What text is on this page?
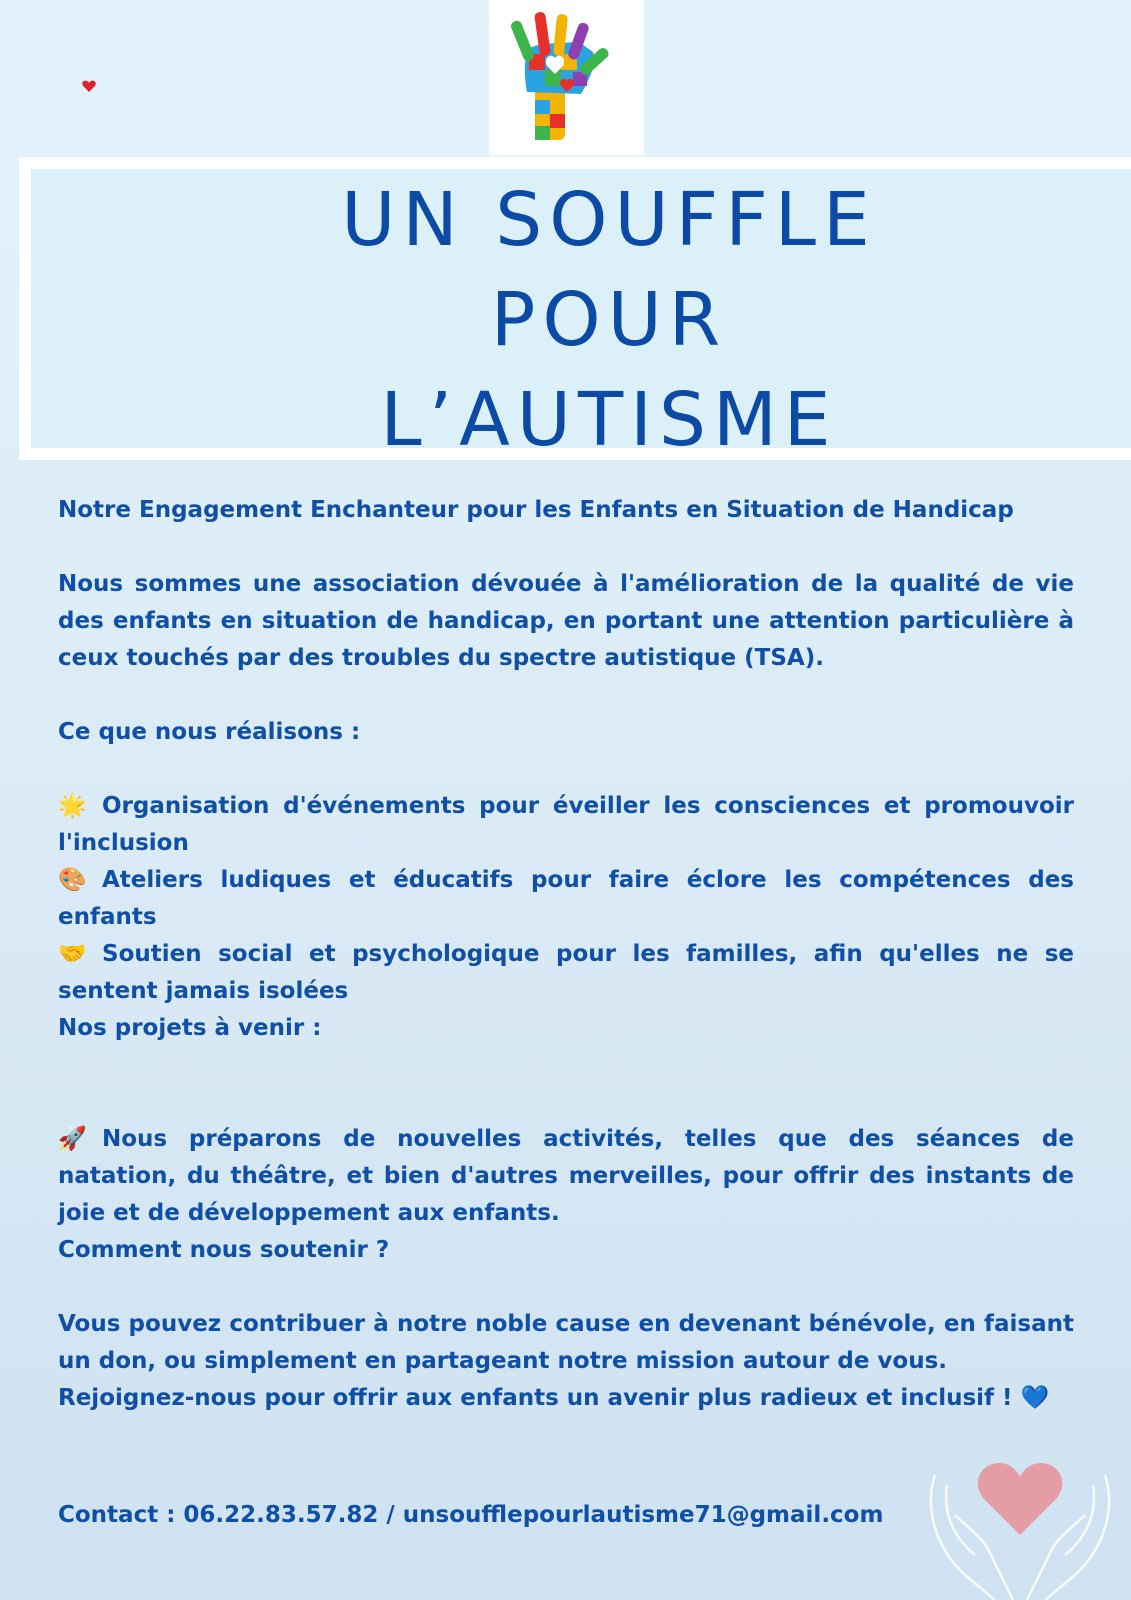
UN SOUFFLE
POUR
L’AUTISME

Notre Engagement Enchanteur pour les Enfants en Situation de Handicap

Nous sommes une association dévouée à l'amélioration de la qualité de vie des enfants en situation de handicap, en portant une attention particulière à ceux touchés par des troubles du spectre autistique (TSA).

Ce que nous réalisons :

🌟 Organisation d'événements pour éveiller les consciences et promouvoir l'inclusion

🎨 Ateliers ludiques et éducatifs pour faire éclore les compétences des enfants

🤝 Soutien social et psychologique pour les familles, afin qu'elles ne se sentent jamais isolées

Nos projets à venir :

🚀 Nous préparons de nouvelles activités, telles que des séances de natation, du théâtre, et bien d'autres merveilles, pour offrir des instants de joie et de développement aux enfants.

Comment nous soutenir ?

Vous pouvez contribuer à notre noble cause en devenant bénévole, en faisant un don, ou simplement en partageant notre mission autour de vous.

Rejoignez-nous pour offrir aux enfants un avenir plus radieux et inclusif ! 💙

Contact : 06.22.83.57.82 / unsoufflepourlautisme71@gmail.com
